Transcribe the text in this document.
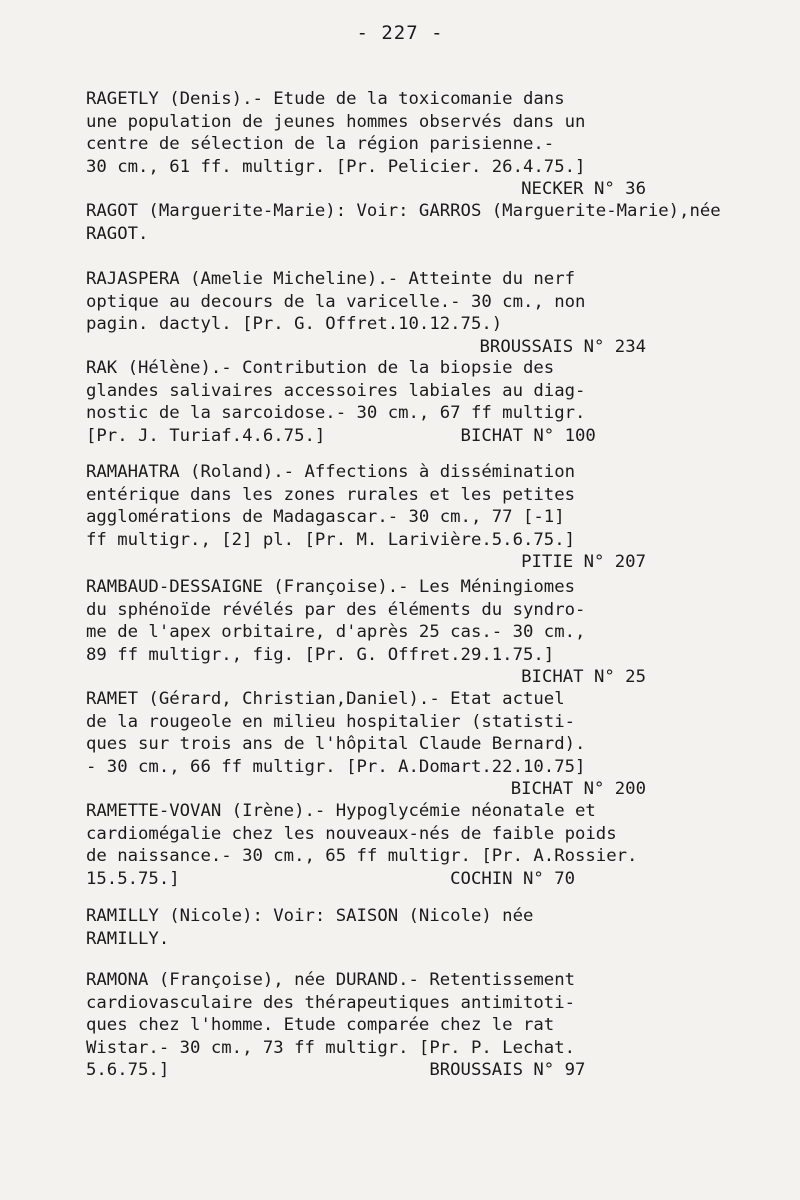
- 227 -
RAGETLY (Denis).- Etude de la toxicomanie dans
une population de jeunes hommes observés dans un
centre de sélection de la région parisienne.-
30 cm., 61 ff. multigr. [Pr. Pelicier. 26.4.75.]
NECKER N° 36
RAGOT (Marguerite-Marie): Voir: GARROS (Marguerite-Marie),née
RAGOT.
RAJASPERA (Amelie Micheline).- Atteinte du nerf
optique au decours de la varicelle.- 30 cm., non
pagin. dactyl. [Pr. G. Offret.10.12.75.)
BROUSSAIS N° 234
RAK (Hélène).- Contribution de la biopsie des
glandes salivaires accessoires labiales au diag-
nostic de la sarcoidose.- 30 cm., 67 ff multigr.
[Pr. J. Turiaf.4.6.75.]             BICHAT N° 100
RAMAHATRA (Roland).- Affections à dissémination
entérique dans les zones rurales et les petites
agglomérations de Madagascar.- 30 cm., 77 [-1]
ff multigr., [2] pl. [Pr. M. Larivière.5.6.75.]
PITIE N° 207
RAMBAUD-DESSAIGNE (Françoise).- Les Méningiomes
du sphénoïde révélés par des éléments du syndro-
me de l'apex orbitaire, d'après 25 cas.- 30 cm.,
89 ff multigr., fig. [Pr. G. Offret.29.1.75.]
BICHAT N° 25
RAMET (Gérard, Christian,Daniel).- Etat actuel
de la rougeole en milieu hospitalier (statisti-
ques sur trois ans de l'hôpital Claude Bernard).
- 30 cm., 66 ff multigr. [Pr. A.Domart.22.10.75]
BICHAT N° 200
RAMETTE-VOVAN (Irène).- Hypoglycémie néonatale et
cardiomégalie chez les nouveaux-nés de faible poids
de naissance.- 30 cm., 65 ff multigr. [Pr. A.Rossier.
15.5.75.]                          COCHIN N° 70
RAMILLY (Nicole): Voir: SAISON (Nicole) née
RAMILLY.
RAMONA (Françoise), née DURAND.- Retentissement
cardiovasculaire des thérapeutiques antimitoti-
ques chez l'homme. Etude comparée chez le rat
Wistar.- 30 cm., 73 ff multigr. [Pr. P. Lechat.
5.6.75.]                         BROUSSAIS N° 97
